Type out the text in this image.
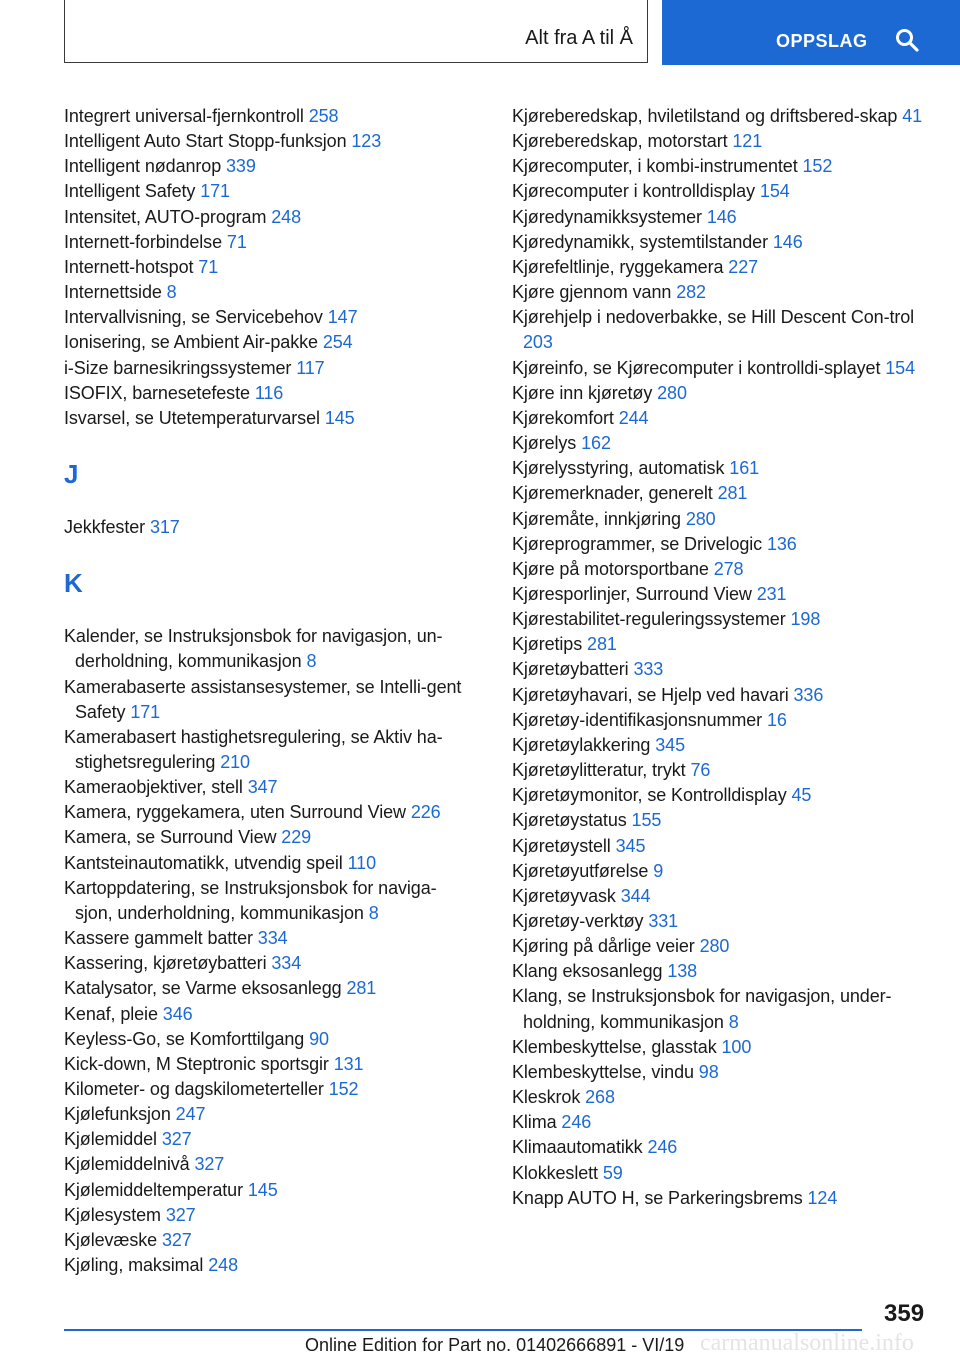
Alt fra A til Å	OPPSLAG
Integrert universal-fjernkontroll 258
Intelligent Auto Start Stopp-funksjon 123
Intelligent nødanrop 339
Intelligent Safety 171
Intensitet, AUTO-program 248
Internett-forbindelse 71
Internett-hotspot 71
Internettside 8
Intervallvisning, se Servicebehov 147
Ionisering, se Ambient Air-pakke 254
i-Size barnesikringssystemer 117
ISOFIX, barnesetefeste 116
Isvarsel, se Utetemperaturvarsel 145
J
Jekkfester 317
K
Kalender, se Instruksjonsbok for navigasjon, un-derholdning, kommunikasjon 8
Kamerabaserte assistansesystemer, se Intelli-gent Safety 171
Kamerabasert hastighetsregulering, se Aktiv ha-stighetsregulering 210
Kameraobjektiver, stell 347
Kamera, ryggekamera, uten Surround View 226
Kamera, se Surround View 229
Kantsteinautomatikk, utvendig speil 110
Kartoppdatering, se Instruksjonsbok for naviga-sjon, underholdning, kommunikasjon 8
Kassere gammelt batter 334
Kassering, kjøretøybatteri 334
Katalysator, se Varme eksosanlegg 281
Kenaf, pleie 346
Keyless-Go, se Komforttilgang 90
Kick-down, M Steptronic sportsgir 131
Kilometer- og dagskilometerteller 152
Kjølefunksjon 247
Kjølemiddel 327
Kjølemiddelnivå 327
Kjølemiddeltemperatur 145
Kjølesystem 327
Kjølevæske 327
Kjøling, maksimal 248
Kjøreberedskap, hviletilstand og driftsbered-skap 41
Kjøreberedskap, motorstart 121
Kjørecomputer, i kombi-instrumentet 152
Kjørecomputer i kontrolldisplay 154
Kjøredynamikksystemer 146
Kjøredynamikk, systemtilstander 146
Kjørefeltlinje, ryggekamera 227
Kjøre gjennom vann 282
Kjørehjelp i nedoverbakke, se Hill Descent Con-trol 203
Kjøreinfo, se Kjørecomputer i kontrolldi-splayet 154
Kjøre inn kjøretøy 280
Kjørekomfort 244
Kjørelys 162
Kjørelysstyring, automatisk 161
Kjøremerknader, generelt 281
Kjøremåte, innkjøring 280
Kjøreprogrammer, se Drivelogic 136
Kjøre på motorsportbane 278
Kjøresporlinjer, Surround View 231
Kjørestabilitet-reguleringssystemer 198
Kjøretips 281
Kjøretøybatteri 333
Kjøretøyhavari, se Hjelp ved havari 336
Kjøretøy-identifikasjonsnummer 16
Kjøretøylakkering 345
Kjøretøylitteratur, trykt 76
Kjøretøymonitor, se Kontrolldisplay 45
Kjøretøystatus 155
Kjøretøystell 345
Kjøretøyutførelse 9
Kjøretøyvask 344
Kjøretøy-verktøy 331
Kjøring på dårlige veier 280
Klang eksosanlegg 138
Klang, se Instruksjonsbok for navigasjon, under-holdning, kommunikasjon 8
Klembeskyttelse, glasstak 100
Klembeskyttelse, vindu 98
Kleskrok 268
Klima 246
Klimaautomatikk 246
Klokkeslett 59
Knapp AUTO H, se Parkeringsbrems 124
359
Online Edition for Part no. 01402666891 - VI/19 carmanualsonline.info
